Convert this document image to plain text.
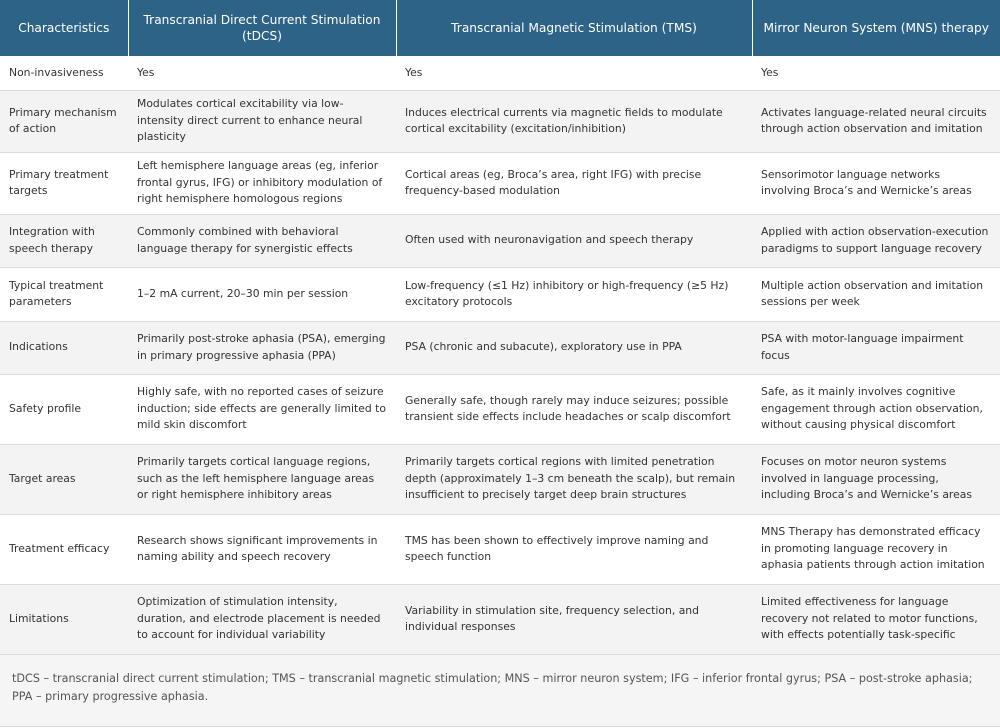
Characteristics	Transcranial Direct Current Stimulation (tDCS)	Transcranial Magnetic Stimulation (TMS)	Mirror Neuron System (MNS) therapy
Non-invasiveness	Yes	Yes	Yes
Primary mechanism of action	Modulates cortical excitability via low-intensity direct current to enhance neural plasticity	Induces electrical currents via magnetic fields to modulate cortical excitability (excitation/inhibition)	Activates language-related neural circuits through action observation and imitation
Primary treatment targets	Left hemisphere language areas (eg, inferior frontal gyrus, IFG) or inhibitory modulation of right hemisphere homologous regions	Cortical areas (eg, Broca’s area, right IFG) with precise frequency-based modulation	Sensorimotor language networks involving Broca’s and Wernicke’s areas
Integration with speech therapy	Commonly combined with behavioral language therapy for synergistic effects	Often used with neuronavigation and speech therapy	Applied with action observation-execution paradigms to support language recovery
Typical treatment parameters	1–2 mA current, 20–30 min per session	Low-frequency (≤1 Hz) inhibitory or high-frequency (≥5 Hz) excitatory protocols	Multiple action observation and imitation sessions per week
Indications	Primarily post-stroke aphasia (PSA), emerging in primary progressive aphasia (PPA)	PSA (chronic and subacute), exploratory use in PPA	PSA with motor-language impairment focus
Safety profile	Highly safe, with no reported cases of seizure induction; side effects are generally limited to mild skin discomfort	Generally safe, though rarely may induce seizures; possible transient side effects include headaches or scalp discomfort	Safe, as it mainly involves cognitive engagement through action observation, without causing physical discomfort
Target areas	Primarily targets cortical language regions, such as the left hemisphere language areas or right hemisphere inhibitory areas	Primarily targets cortical regions with limited penetration depth (approximately 1–3 cm beneath the scalp), but remain insufficient to precisely target deep brain structures	Focuses on motor neuron systems involved in language processing, including Broca’s and Wernicke’s areas
Treatment efficacy	Research shows significant improvements in naming ability and speech recovery	TMS has been shown to effectively improve naming and speech function	MNS Therapy has demonstrated efficacy in promoting language recovery in aphasia patients through action imitation
Limitations	Optimization of stimulation intensity, duration, and electrode placement is needed to account for individual variability	Variability in stimulation site, frequency selection, and individual responses	Limited effectiveness for language recovery not related to motor functions, with effects potentially task-specific
tDCS – transcranial direct current stimulation; TMS – transcranial magnetic stimulation; MNS – mirror neuron system; IFG – inferior frontal gyrus; PSA – post-stroke aphasia; PPA – primary progressive aphasia.
